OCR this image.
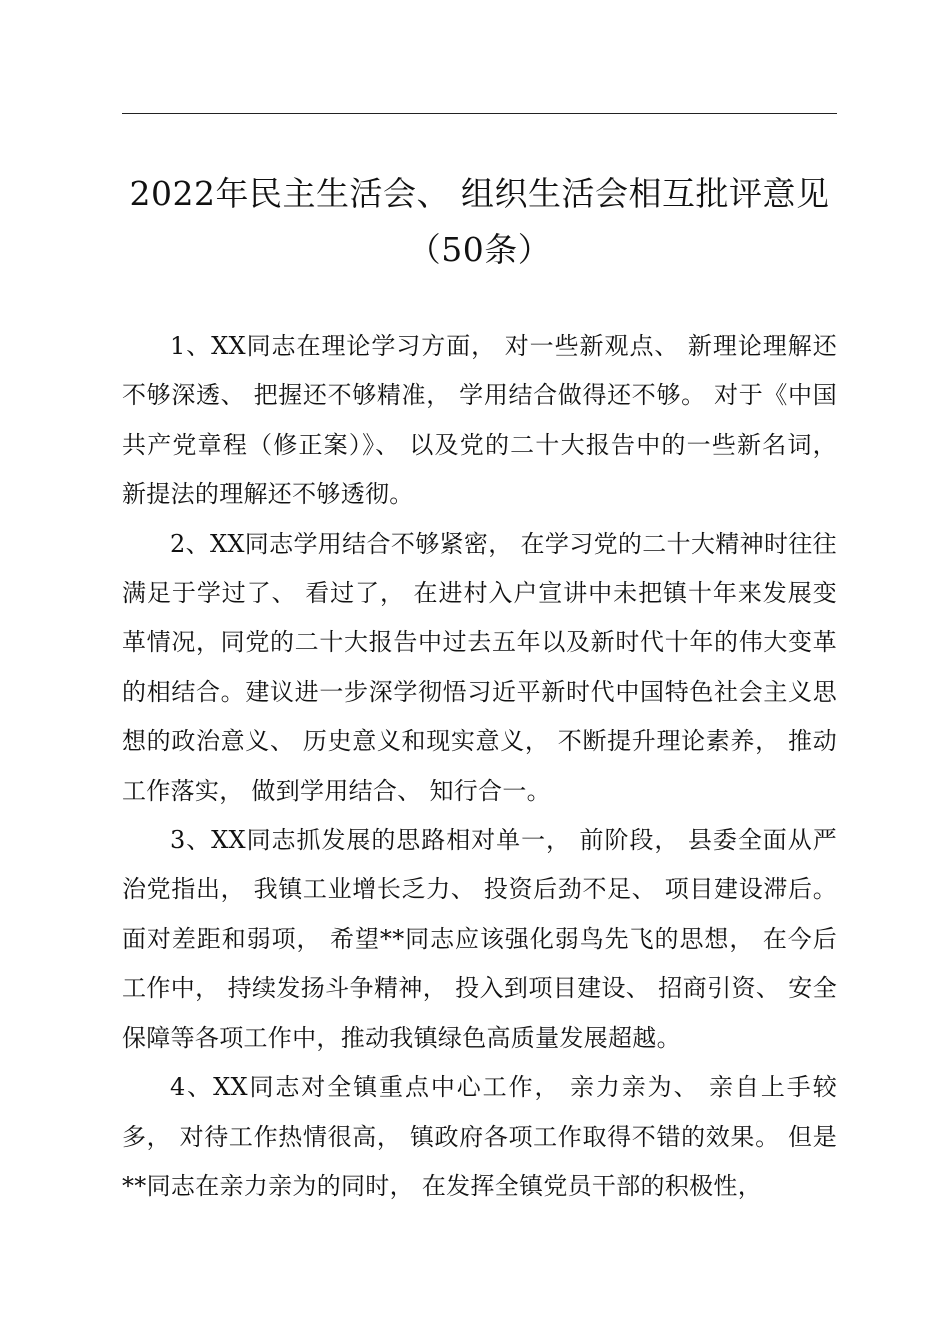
2022年民主生活会、 组织生活会相互批评意见（50条）

1、XX同志在理论学习方面， 对一些新观点、 新理论理解还不够深透、 把握还不够精准， 学用结合做得还不够。 对于《中国共产党章程（修正案）》、 以及党的二十大报告中的一些新名词， 新提法的理解还不够透彻。

2、XX同志学用结合不够紧密， 在学习党的二十大精神时往往满足于学过了、 看过了， 在进村入户宣讲中未把镇十年来发展变革情况，同党的二十大报告中过去五年以及新时代十年的伟大变革的相结合。建议进一步深学彻悟习近平新时代中国特色社会主义思想的政治意义、 历史意义和现实意义， 不断提升理论素养， 推动工作落实， 做到学用结合、 知行合一。

3、XX同志抓发展的思路相对单一， 前阶段， 县委全面从严治党指出， 我镇工业增长乏力、 投资后劲不足、 项目建设滞后。 面对差距和弱项， 希望**同志应该强化弱鸟先飞的思想， 在今后工作中， 持续发扬斗争精神， 投入到项目建设、 招商引资、 安全保障等各项工作中，推动我镇绿色高质量发展超越。

4、XX同志对全镇重点中心工作， 亲力亲为、 亲自上手较多， 对待工作热情很高， 镇政府各项工作取得不错的效果。 但是**同志在亲力亲为的同时， 在发挥全镇党员干部的积极性，
